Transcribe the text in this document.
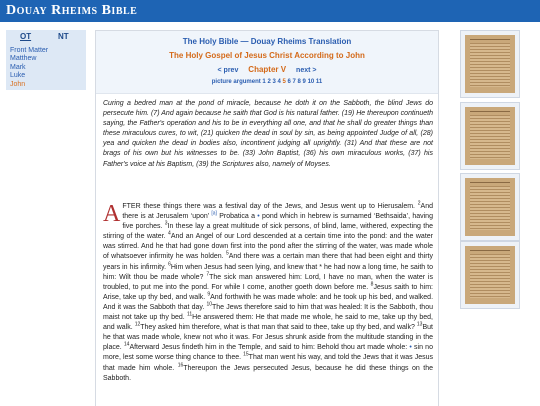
Douay Rheims Bible
OT	NT
Front Matter
Matthew
Mark
Luke
John
The Holy Bible — Douay Rheims Translation
The Holy Gospel of Jesus Christ According to John
< prev Chapter V next >
picture argument 1 2 3 4 5 6 7 8 9 10 11
Curing a bedred man at the pond of miracle, because he doth it on the Sabboth, the blind Jews do persecute him. (7) And again because he saith that God is his natural father. (19) He thereupon continueth saying, the Father's operation and his to be in everything all one, and that he shall do greater things than these miraculous cures, to wit, (21) quicken the dead in soul by sin, as being appointed Judge of all, (28) yea and quicken the dead in bodies also, incontinent judging all uprightly. (31) And that these are not brags of his own but his witnesses to be. (33) John Baptist, (36) his own miraculous works, (37) his Father's voice at his Baptism, (39) the Scriptures also, namely of Moyses.
A FTER these things there was a festival day of the Jews, and Jesus went up to Hierusalem. $^2$And there is at Jerusalem ‘upon’ [a] Probatica a • pond which in hebrew is surnamed ‘Bethsaida’, having five porches. $^3$In these lay a great multitude of sick persons, of blind, lame, withered, expecting the stirring of the water. $^4$And an Angel of our Lord descended at a certain time into the pond: and the water was stirred. And he that had gone down first into the pond after the stirring of the water, was made whole of whatsoever infirmity he was holden. $^5$And there was a certain man there that had been eight and thirty years in his infirmity. $^6$Him when Jesus had seen lying, and knew that * he had now a long time, he saith to him: Wilt thou be made whole? $^7$The sick man answered him: Lord, I have no man, when the water is troubled, to put me into the pond. For while I come, another goeth down before me. $^8$Jesus saith to him: Arise, take up thy bed, and walk. $^9$And forthwith he was made whole: and he took up his bed, and walked. And it was the Sabboth that day. $^{10}$The Jews therefore said to him that was healed: It is the Sabboth, thou maist not take up thy bed. $^{11}$He answered them: He that made me whole, he said to me, take up thy bed, and walk. $^{12}$They asked him therefore, what is that man that said to thee, take up thy bed, and walk? $^{13}$But he that was made whole, knew not who it was. For Jesus shrunk aside from the multitude standing in the place. $^{14}$Afterward Jesus findeth him in the Temple, and said to him: Behold thou art made whole: • sin no more, lest some worse thing chance to thee. $^{15}$That man went his way, and told the Jews that it was Jesus that made him whole. $^{16}$Thereupon the Jews persecuted Jesus, because he did these things on the Sabboth.
